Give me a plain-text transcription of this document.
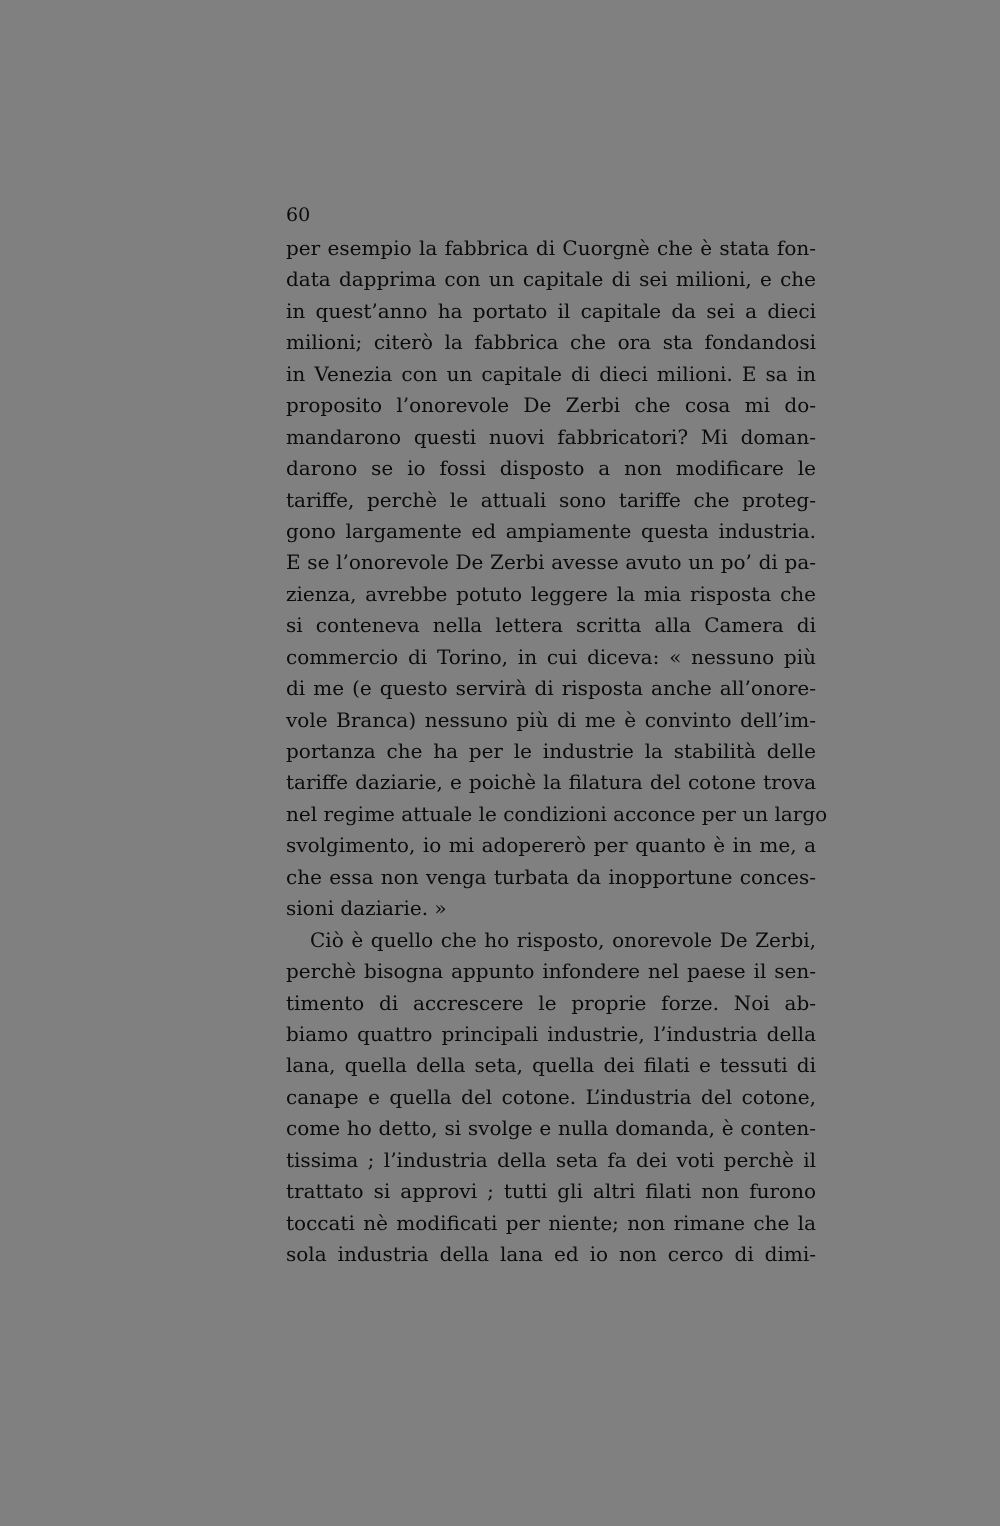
60

per esempio la fabbrica di Cuorgnè che è stata fon-
data dapprima con un capitale di sei milioni, e che
in quest’anno ha portato il capitale da sei a dieci
milioni; citerò la fabbrica che ora sta fondandosi
in Venezia con un capitale di dieci milioni. E sa in
proposito l’onorevole De Zerbi che cosa mi do-
mandarono questi nuovi fabbricatori? Mi doman-
darono se io fossi disposto a non modificare le
tariffe, perchè le attuali sono tariffe che proteg-
gono largamente ed ampiamente questa industria.
E se l’onorevole De Zerbi avesse avuto un po’ di pa-
zienza, avrebbe potuto leggere la mia risposta che
si conteneva nella lettera scritta alla Camera di
commercio di Torino, in cui diceva: « nessuno più
di me (e questo servirà di risposta anche all’onore-
vole Branca) nessuno più di me è convinto dell’im-
portanza che ha per le industrie la stabilità delle
tariffe daziarie, e poichè la filatura del cotone trova
nel regime attuale le condizioni acconce per un largo
svolgimento, io mi adopererò per quanto è in me, a
che essa non venga turbata da inopportune conces-
sioni daziarie. »
Ciò è quello che ho risposto, onorevole De Zerbi,
perchè bisogna appunto infondere nel paese il sen-
timento di accrescere le proprie forze. Noi ab-
biamo quattro principali industrie, l’industria della
lana, quella della seta, quella dei filati e tessuti di
canape e quella del cotone. L’industria del cotone,
come ho detto, si svolge e nulla domanda, è conten-
tissima ; l’industria della seta fa dei voti perchè il
trattato si approvi ; tutti gli altri filati non furono
toccati nè modificati per niente; non rimane che la
sola industria della lana ed io non cerco di dimi-
